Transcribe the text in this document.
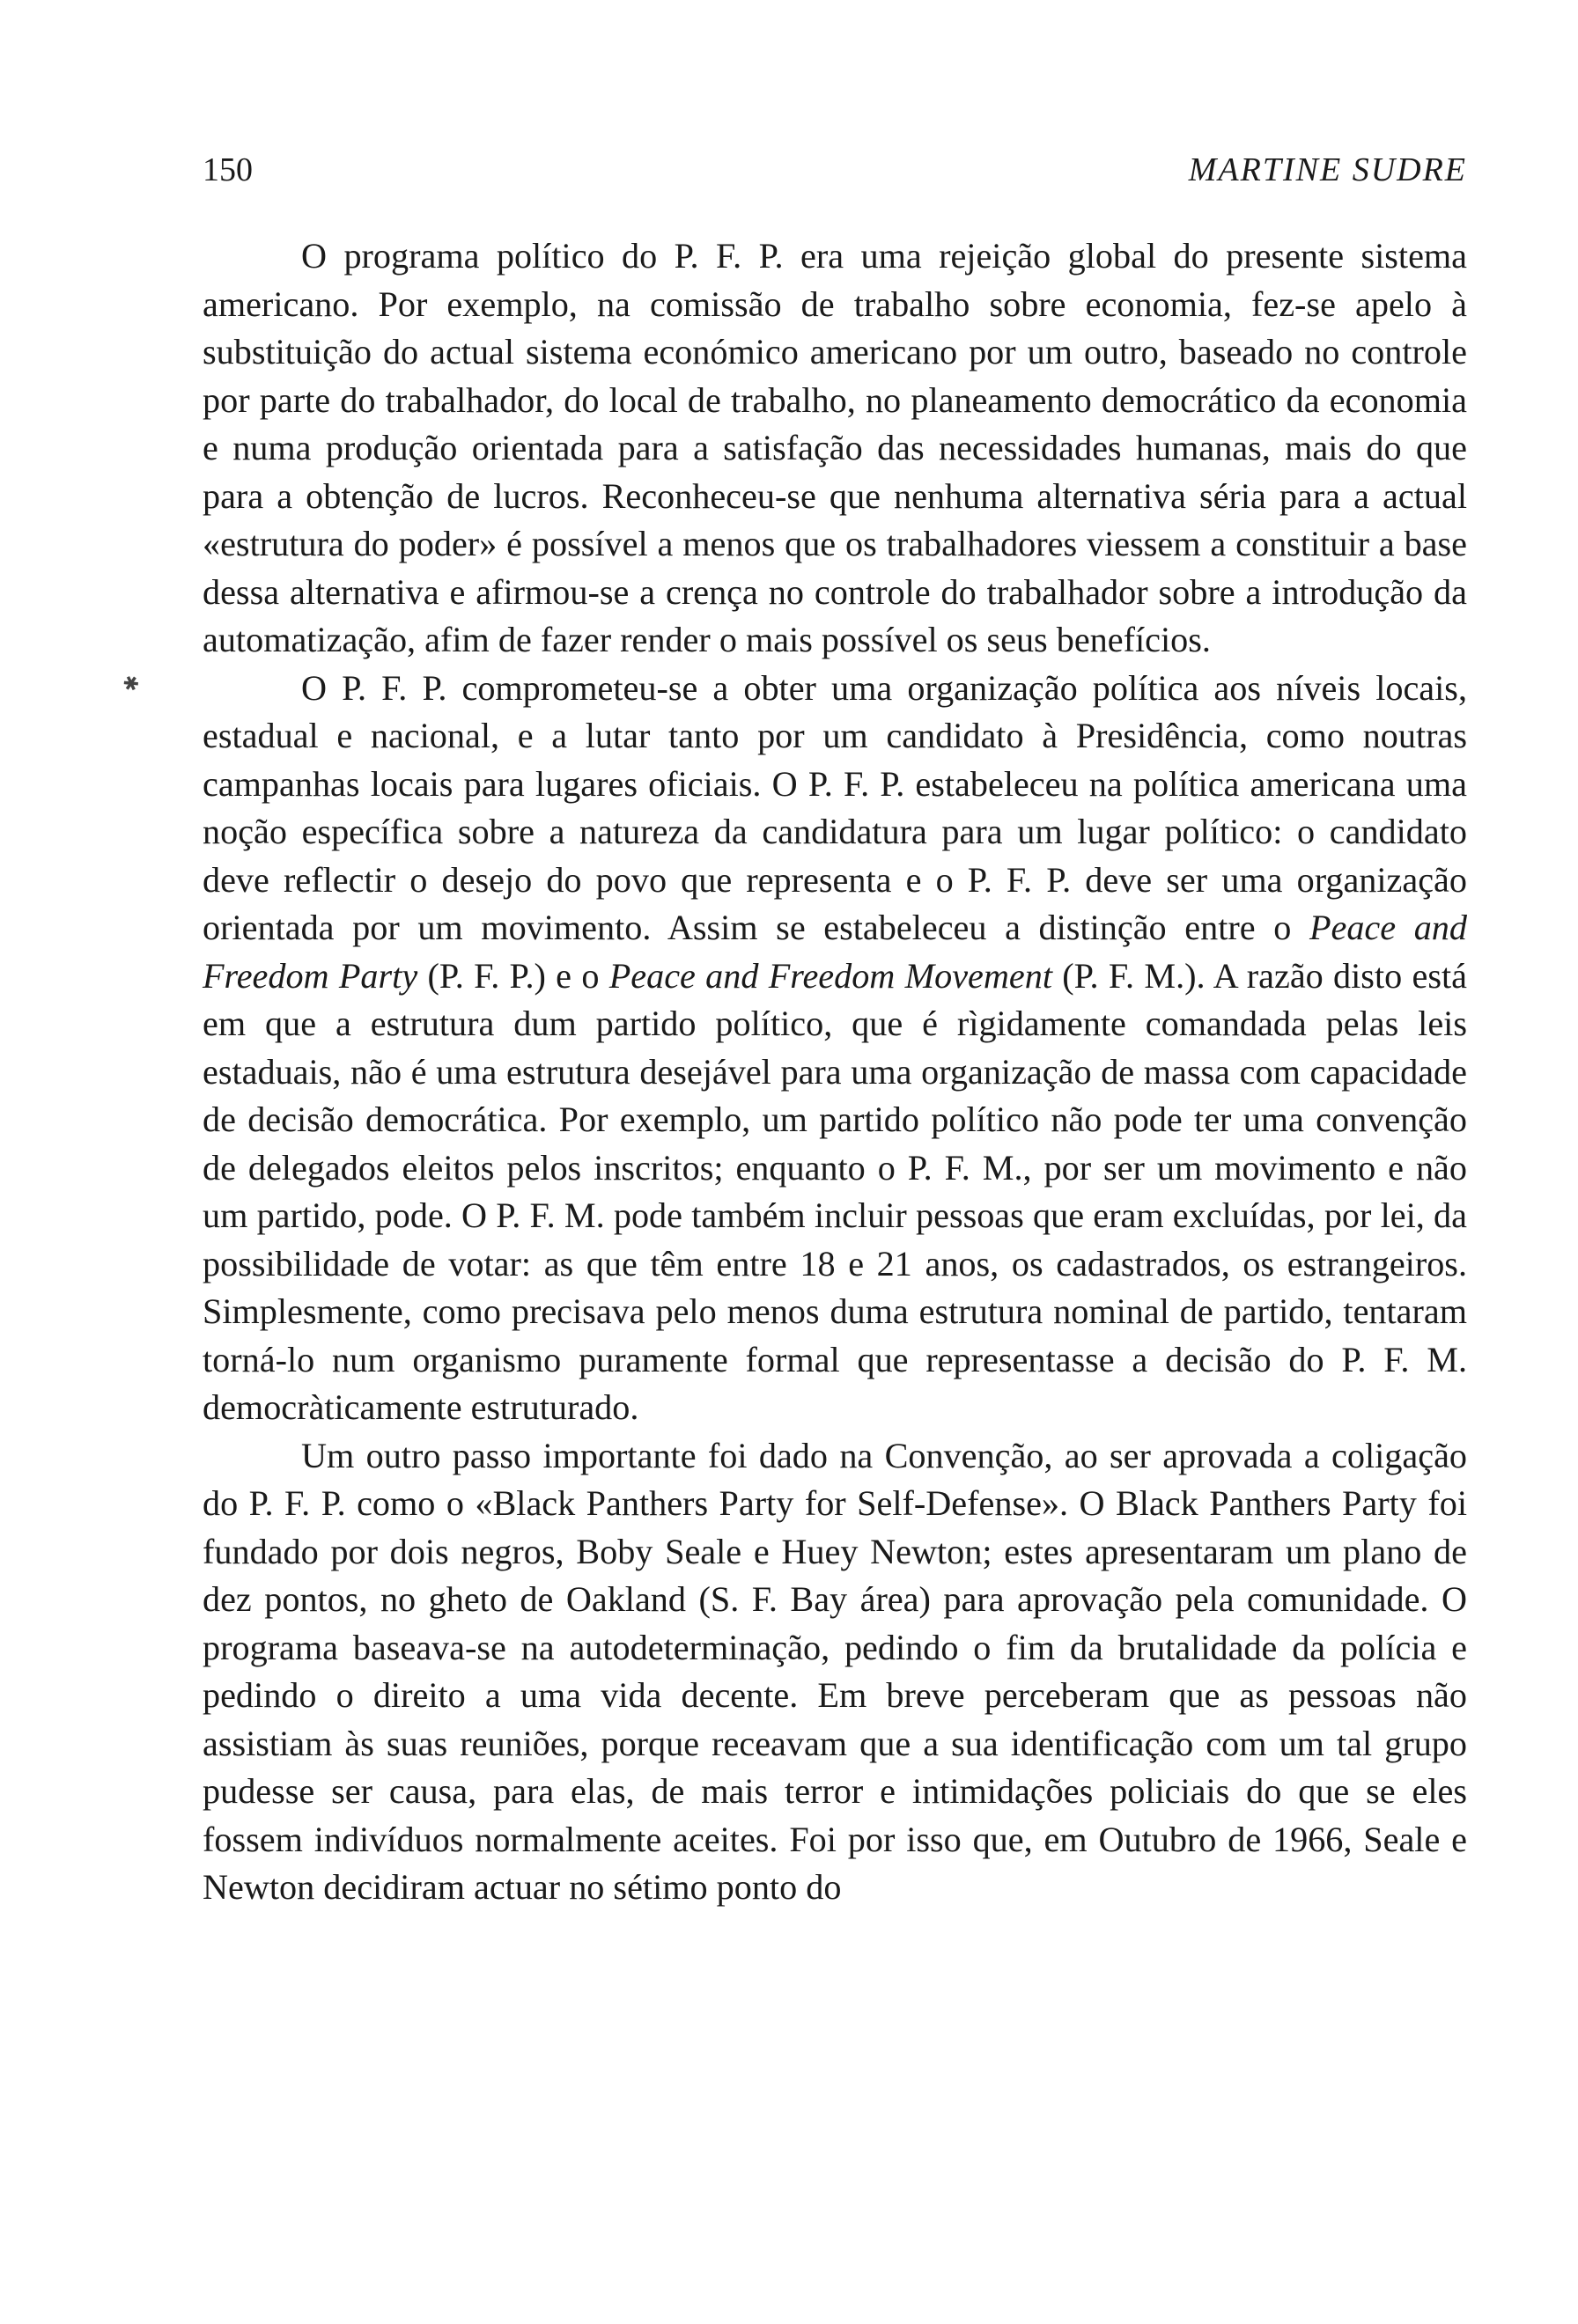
150	MARTINE SUDRE
✱

O programa político do P. F. P. era uma rejeição global do presente sistema americano. Por exemplo, na comissão de trabalho sobre economia, fez-se apelo à substituição do actual sistema económico americano por um outro, baseado no controle por parte do trabalhador, do local de trabalho, no planeamento democrático da economia e numa produção orientada para a satisfação das necessidades humanas, mais do que para a obtenção de lucros. Reconheceu-se que nenhuma alternativa séria para a actual «estrutura do poder» é possível a menos que os trabalhadores viessem a constituir a base dessa alternativa e afirmou-se a crença no controle do trabalhador sobre a introdução da automatização, afim de fazer render o mais possível os seus benefícios.

O P. F. P. comprometeu-se a obter uma organização política aos níveis locais, estadual e nacional, e a lutar tanto por um candidato à Presidência, como noutras campanhas locais para lugares oficiais. O P. F. P. estabeleceu na política americana uma noção específica sobre a natureza da candidatura para um lugar político: o candidato deve reflectir o desejo do povo que representa e o P. F. P. deve ser uma organização orientada por um movimento. Assim se estabeleceu a distinção entre o Peace and Freedom Party (P. F. P.) e o Peace and Freedom Movement (P. F. M.). A razão disto está em que a estrutura dum partido político, que é rìgidamente comandada pelas leis estaduais, não é uma estrutura desejável para uma organização de massa com capacidade de decisão democrática. Por exemplo, um partido político não pode ter uma convenção de delegados eleitos pelos inscritos; enquanto o P. F. M., por ser um movimento e não um partido, pode. O P. F. M. pode também incluir pessoas que eram excluídas, por lei, da possibilidade de votar: as que têm entre 18 e 21 anos, os cadastrados, os estrangeiros. Simplesmente, como precisava pelo menos duma estrutura nominal de partido, tentaram torná-lo num organismo puramente formal que representasse a decisão do P. F. M. democràticamente estruturado.

Um outro passo importante foi dado na Convenção, ao ser aprovada a coligação do P. F. P. como o «Black Panthers Party for Self-Defense». O Black Panthers Party foi fundado por dois negros, Boby Seale e Huey Newton; estes apresentaram um plano de dez pontos, no gheto de Oakland (S. F. Bay área) para aprovação pela comunidade. O programa baseava-se na autodeterminação, pedindo o fim da brutalidade da polícia e pedindo o direito a uma vida decente. Em breve perceberam que as pessoas não assistiam às suas reuniões, porque receavam que a sua identificação com um tal grupo pudesse ser causa, para elas, de mais terror e intimidações policiais do que se eles fossem indivíduos normalmente aceites. Foi por isso que, em Outubro de 1966, Seale e Newton decidiram actuar no sétimo ponto do
